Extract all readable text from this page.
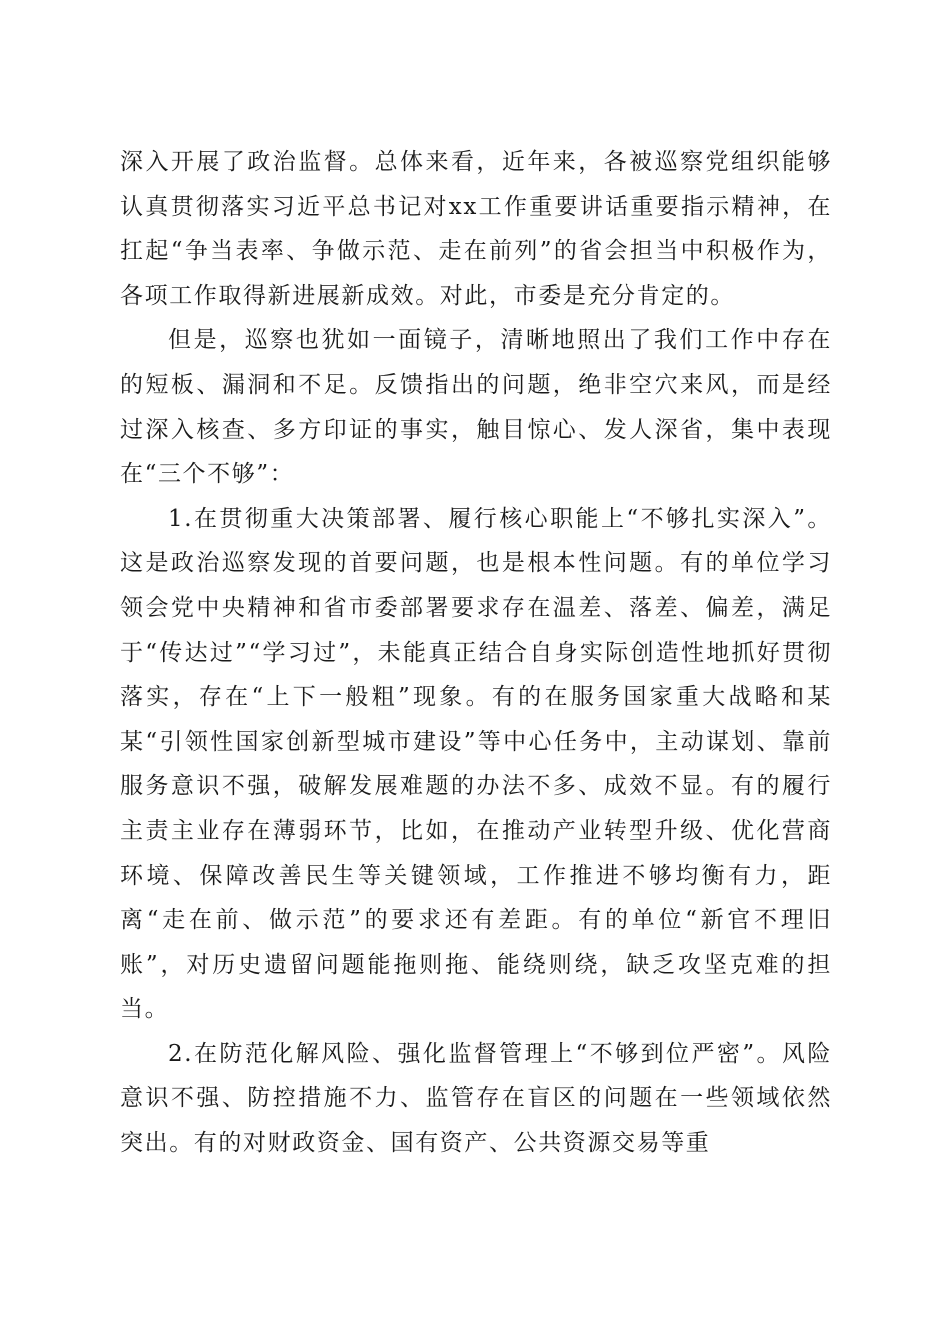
深入开展了政治监督。总体来看，近年来，各被巡察党组织能够认真贯彻落实习近平总书记对xx工作重要讲话重要指示精神，在扛起“争当表率、争做示范、走在前列”的省会担当中积极作为，各项工作取得新进展新成效。对此，市委是充分肯定的。

但是，巡察也犹如一面镜子，清晰地照出了我们工作中存在的短板、漏洞和不足。反馈指出的问题，绝非空穴来风，而是经过深入核查、多方印证的事实，触目惊心、发人深省，集中表现在“三个不够”：

1.在贯彻重大决策部署、履行核心职能上“不够扎实深入”。这是政治巡察发现的首要问题，也是根本性问题。有的单位学习领会党中央精神和省市委部署要求存在温差、落差、偏差，满足于“传达过”“学习过”，未能真正结合自身实际创造性地抓好贯彻落实，存在“上下一般粗”现象。有的在服务国家重大战略和某某“引领性国家创新型城市建设”等中心任务中，主动谋划、靠前服务意识不强，破解发展难题的办法不多、成效不显。有的履行主责主业存在薄弱环节，比如，在推动产业转型升级、优化营商环境、保障改善民生等关键领域，工作推进不够均衡有力，距离“走在前、做示范”的要求还有差距。有的单位“新官不理旧账”，对历史遗留问题能拖则拖、能绕则绕，缺乏攻坚克难的担当。

2.在防范化解风险、强化监督管理上“不够到位严密”。风险意识不强、防控措施不力、监管存在盲区的问题在一些领域依然突出。有的对财政资金、国有资产、公共资源交易等重
